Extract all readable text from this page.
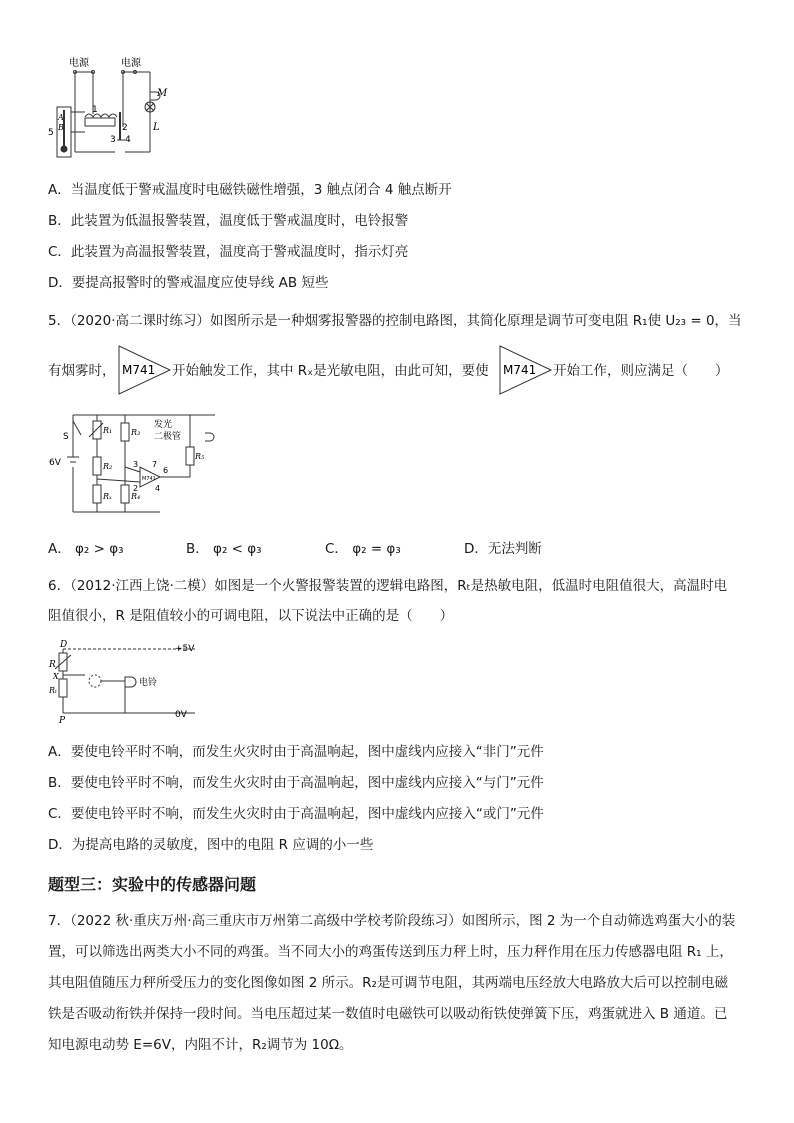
电源	电源
M
L
1
2
3 4
5
A
B
A．当温度低于警戒温度时电磁铁磁性增强，3 触点闭合 4 触点断开
B．此装置为低温报警装置，温度低于警戒温度时，电铃报警
C．此装置为高温报警装置，温度高于警戒温度时，指示灯亮
D．要提高报警时的警戒温度应使导线 AB 短些
5．（2020·高二课时练习）如图所示是一种烟雾报警器的控制电路图，其简化原理是调节可变电阻 R₁使 U₂₃ = 0，当
有烟雾时， M741 开始触发工作，其中 Rₓ是光敏电阻，由此可知，要使 M741 开始工作，则应满足（　　）
S
6V
R₁
R₂
Rₓ
R₃
R₄
R₅
发光
二极管
3 7
6
2 4
M741
A． φ₂ > φ₃	B． φ₂ < φ₃	C． φ₂ = φ₃	D．无法判断
6．（2012·江西上饶·二模）如图是一个火警报警装置的逻辑电路图，Rₜ是热敏电阻，低温时电阻值很大，高温时电
阻值很小，R 是阻值较小的可调电阻，以下说法中正确的是（　　）
D
R
Rₜ
X
P
+5V
0V
电铃
A．要使电铃平时不响，而发生火灾时由于高温响起，图中虚线内应接入“非门”元件
B．要使电铃平时不响，而发生火灾时由于高温响起，图中虚线内应接入“与门”元件
C．要使电铃平时不响，而发生火灾时由于高温响起，图中虚线内应接入“或门”元件
D．为提高电路的灵敏度，图中的电阻 R 应调的小一些
题型三：实验中的传感器问题
7．（2022 秋·重庆万州·高三重庆市万州第二高级中学校考阶段练习）如图所示，图 2 为一个自动筛选鸡蛋大小的装
置，可以筛选出两类大小不同的鸡蛋。当不同大小的鸡蛋传送到压力秤上时，压力秤作用在压力传感器电阻 R₁ 上，
其电阻值随压力秤所受压力的变化图像如图 2 所示。R₂是可调节电阻，其两端电压经放大电路放大后可以控制电磁
铁是否吸动衔铁并保持一段时间。当电压超过某一数值时电磁铁可以吸动衔铁使弹簧下压，鸡蛋就进入 B 通道。已
知电源电动势 E=6V，内阻不计，R₂调节为 10Ω。
